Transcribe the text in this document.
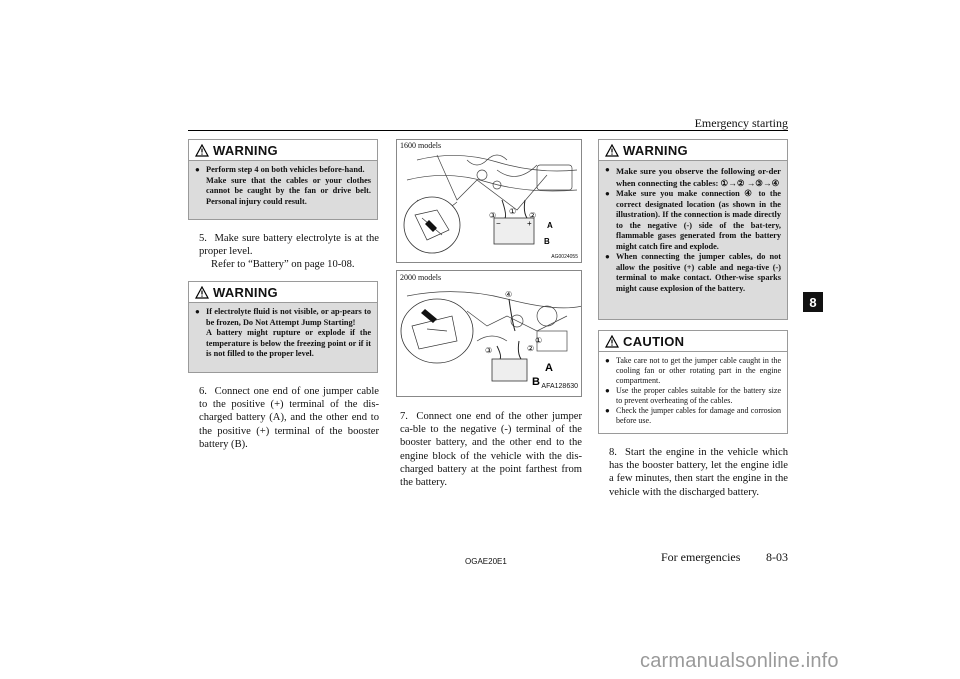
Emergency starting
8
WARNING
● Perform step 4 on both vehicles before-hand.
Make sure that the cables or your clothes cannot be caught by the fan or drive belt. Personal injury could result.
5. Make sure battery electrolyte is at the proper level.
Refer to “Battery” on page 10-08.
WARNING
● If electrolyte fluid is not visible, or ap-pears to be frozen, Do Not Attempt Jump Starting!
A battery might rupture or explode if the temperature is below the freezing point or if it is not filled to the proper level.
6. Connect one end of one jumper cable to the positive (+) terminal of the dis-charged battery (A), and the other end to the positive (+) terminal of the booster battery (B).
③ ① ②
−	+ A
B
1600 models
AG0024055
④
①
③	②
A
B
2000 models
AFA128630
7. Connect one end of the other jumper ca-ble to the negative (-) terminal of the booster battery, and the other end to the engine block of the vehicle with the dis-charged battery at the point farthest from the battery.
WARNING
● Make sure you observe the following or-der when connecting the cables: ①→② →③→④
● Make sure you make connection ④ to the correct designated location (as shown in the illustration). If the connection is made directly to the negative (-) side of the bat-tery, flammable gases generated from the battery might catch fire and explode.
● When connecting the jumper cables, do not allow the positive (+) cable and nega-tive (-) terminal to make contact. Other-wise sparks might cause explosion of the battery.
CAUTION
● Take care not to get the jumper cable caught in the cooling fan or other rotating part in the engine compartment.
● Use the proper cables suitable for the battery size to prevent overheating of the cables.
● Check the jumper cables for damage and corrosion before use.
8. Start the engine in the vehicle which has the booster battery, let the engine idle a few minutes, then start the engine in the vehicle with the discharged battery.
OGAE20E1	For emergencies 8-03
carmanualsonline.info
